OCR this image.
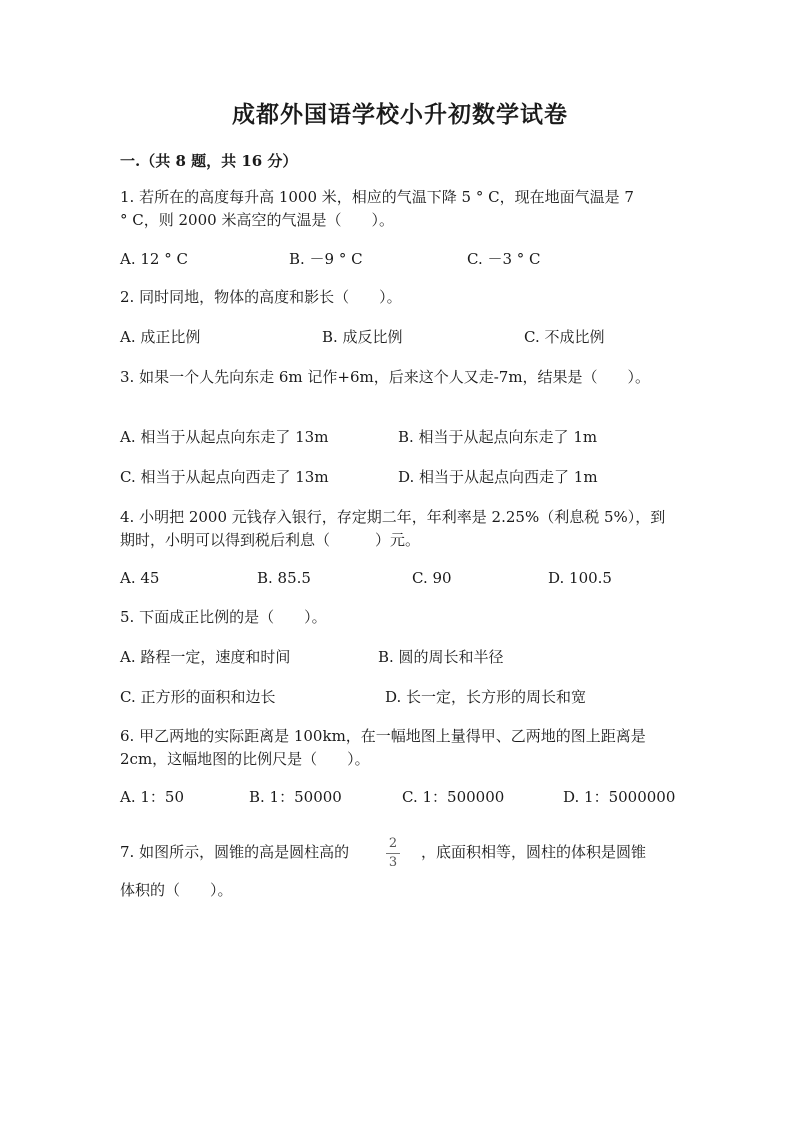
成都外国语学校小升初数学试卷
一.（共 8 题，共 16 分）
1. 若所在的高度每升高 1000 米，相应的气温下降 5 ° C，现在地面气温是 7
° C，则 2000 米高空的气温是（　　）。
A. 12 ° C	B. －9 ° C	C. －3 ° C
2. 同时同地，物体的高度和影长（　　）。
A. 成正比例	B. 成反比例	C. 不成比例
3. 如果一个人先向东走 6m 记作+6m，后来这个人又走-7m，结果是（　　）。
A. 相当于从起点向东走了 13m	B. 相当于从起点向东走了 1m
C. 相当于从起点向西走了 13m	D. 相当于从起点向西走了 1m
4. 小明把 2000 元钱存入银行，存定期二年，年利率是 2.25%（利息税 5%），到
期时，小明可以得到税后利息（　　　）元。
A. 45	B. 85.5	C. 90	D. 100.5
5. 下面成正比例的是（　　）。
A. 路程一定，速度和时间	B. 圆的周长和半径
C. 正方形的面积和边长	D. 长一定，长方形的周长和宽
6. 甲乙两地的实际距离是 100km，在一幅地图上量得甲、乙两地的图上距离是
2cm，这幅地图的比例尺是（　　）。
A. 1：50	B. 1：50000	C. 1：500000	D. 1：5000000
7. 如图所示，圆锥的高是圆柱高的	2
3
，底面积相等，圆柱的体积是圆锥
体积的（　　）。
